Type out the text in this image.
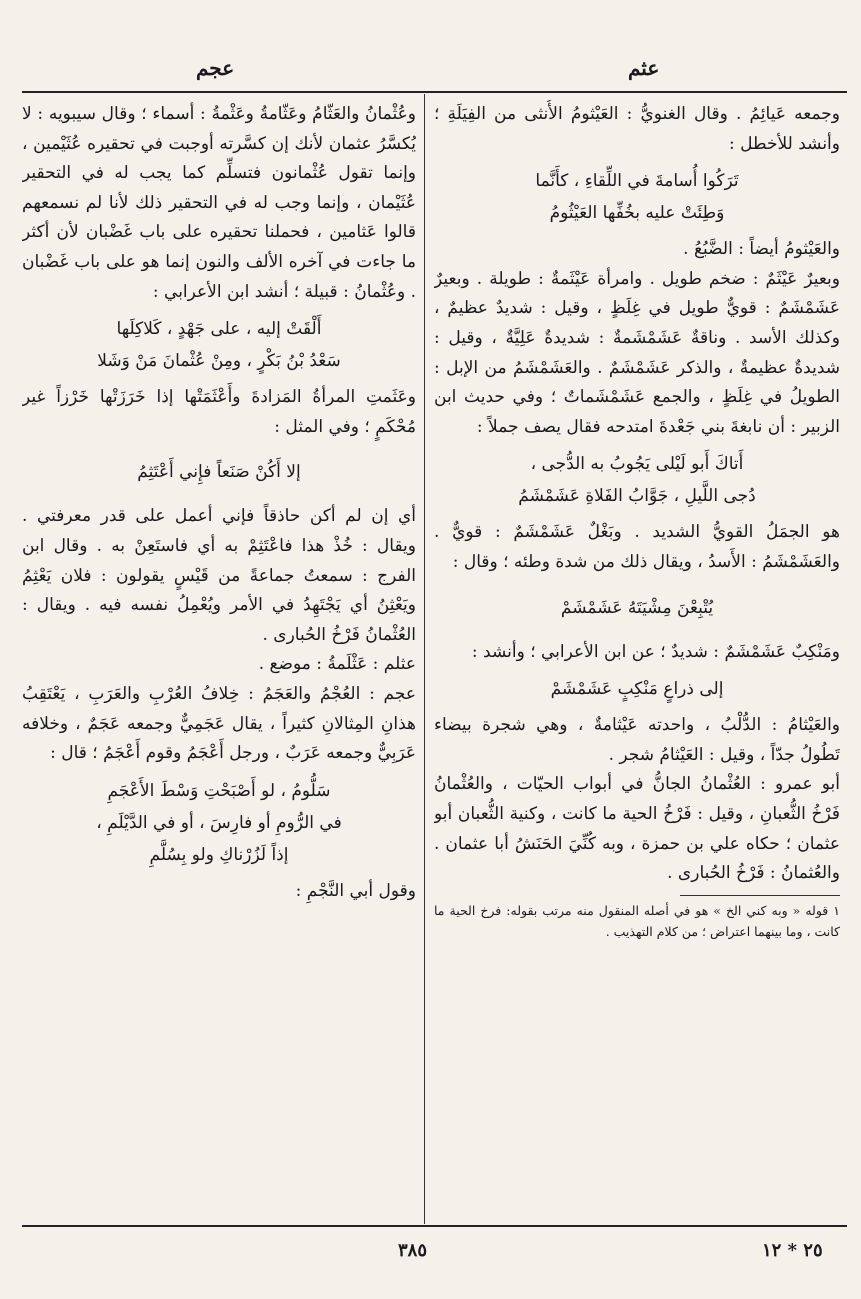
عثم
عجم

وجمعه عَيائِمُ . وقال الغنويُّ : العَيْثومُ الأُنثى من الفِيَلَةِ ؛ وأنشد للأخطل :

تَرَكُوا أُسامةَ في اللِّقاءِ ، كأَنَّما
وَطِئَتْ عليه بخُفِّها العَيْثُومُ

والعَيْثومُ أيضاً : الضَّبُعُ .

وبعيرٌ عَيْثَمٌ : ضخم طويل . وامرأة عَيْثَمةٌ : طويلة . وبعيرٌ عَشَمْشَمٌ : قويٌّ طويل في غِلَظٍ ، وقيل : شديدٌ عظيمٌ ، وكذلك الأسد . وناقةٌ عَشَمْشَمةٌ : شديدةٌ عَلِيَّةٌ ، وقيل : شديدةٌ عظيمةٌ ، والذكر عَشَمْشَمٌ . والعَشَمْشَمُ من الإبل : الطويلُ في غِلَظٍ ، والجمع عَشَمْشَماتٌ ؛ وفي حديث ابن الزبير : أن نابغةَ بني جَعْدةَ امتدحه فقال يصف جملاً :

أَتاكَ أَبو لَيْلى يَجُوبُ به الدُّجى ،
دُجى اللَّيلِ ، جَوَّابُ الفَلاةِ عَشَمْشَمُ

هو الجمَلُ القويُّ الشديد . وبَغْلٌ عَشَمْشَمٌ : قويٌّ . والعَشَمْشَمُ : الأَسدُ ، ويقال ذلك من شدة وطئه ؛ وقال :

يُتْبِعْنَ مِشْيَتَهُ عَشَمْشَمْ

ومَنْكِبٌ عَشَمْشَمٌ : شديدٌ ؛ عن ابن الأعرابي ؛ وأنشد :

إلى ذراعٍ مَنْكِبٍ عَشَمْشَمْ

والعَيْثامُ : الدُّلْبُ ، واحدته عَيْثامةٌ ، وهي شجرة بيضاء تَطُولُ جدّاً ، وقيل : العَيْثامُ شجر .

أبو عمرو : العُثْمانُ الجانُّ في أبواب الحيّات ، والعُثْمانُ فَرْخُ الثُّعبانِ ، وقيل : فَرْخُ الحية ما كانت ، وكنية الثُّعبان أبو عثمان ؛ حكاه علي بن حمزة ، وبه كُنِّيَ الحَنَشُ أبا عثمان . والعُثمانُ : فَرْخُ الحُبارى .

١ قوله « وبه كني الخ » هو في أصله المنقول منه مرتب بقوله: فرخ الحية ما كانت ، وما بينهما اعتراض ؛ من كلام التهذيب .

وعُثْمانُ والعَثّامُ وعَثّامةُ وعَثْمةُ : أسماء ؛ وقال سيبويه : لا يُكسَّرُ عثمان لأنك إن كسَّرته أوجبت في تحقيره عُثَيْمين ، وإنما تقول عُثْمانون فتسلِّم كما يجب له في التحقير عُثَيْمان ، وإنما وجب له في التحقير ذلك لأنا لم نسمعهم قالوا عَثامين ، فحملنا تحقيره على باب غَضْبان لأن أكثر ما جاءت في آخره الألف والنون إنما هو على باب غَضْبان . وعُثْمانُ : قبيلة ؛ أنشد ابن الأعرابي :

أَلْقَتْ إليه ، على جَهْدٍ ، كَلاكِلَها
سَعْدُ بْنُ بَكْرٍ ، ومِنْ عُثْمانَ مَنْ وَشَلا

وعَثَمتِ المرأةُ المَزادةَ وأَعْثَمَتْها إذا خَرَزَتْها خَرْزاً غير مُحْكَمٍ ؛ وفي المثل :

إلا أَكُنْ صَنَعاً فإِني أَعْتَثِمُ

أي إن لم أكن حاذقاً فإني أعمل على قدر معرفتي . ويقال : خُذْ هذا فاعْتَثِمْ به أي فاستَعِنْ به . وقال ابن الفرج : سمعتُ جماعةً من قَيْسٍ يقولون : فلان يَعْثِمُ ويَعْثِنُ أي يَجْتَهِدُ في الأمر ويُعْمِلُ نفسه فيه . ويقال : العُثْمانُ فَرْخُ الحُبارى .

عثلم : عَثْلَمةُ : موضع .

عجم : العُجْمُ والعَجَمُ : خِلافُ العُرْبِ والعَرَبِ ، يَعْتَقِبُ هذانِ المِثالانِ كثيراً ، يقال عَجَمِيٌّ وجمعه عَجَمٌ ، وخلافه عَرَبِيٌّ وجمعه عَرَبٌ ، ورجل أَعْجَمُ وقوم أَعْجَمُ ؛ قال :

سَلُّومُ ، لو أَصْبَحْتِ وَسْطَ الأَعْجَمِ
في الرُّومِ أو فارِسَ ، أو في الدَّيْلَمِ ،
إذاً لَزُرْناكِ ولو بِسُلَّمِ

وقول أبي النَّجْمِ :

٣٨٥	٢٥ * ١٢
